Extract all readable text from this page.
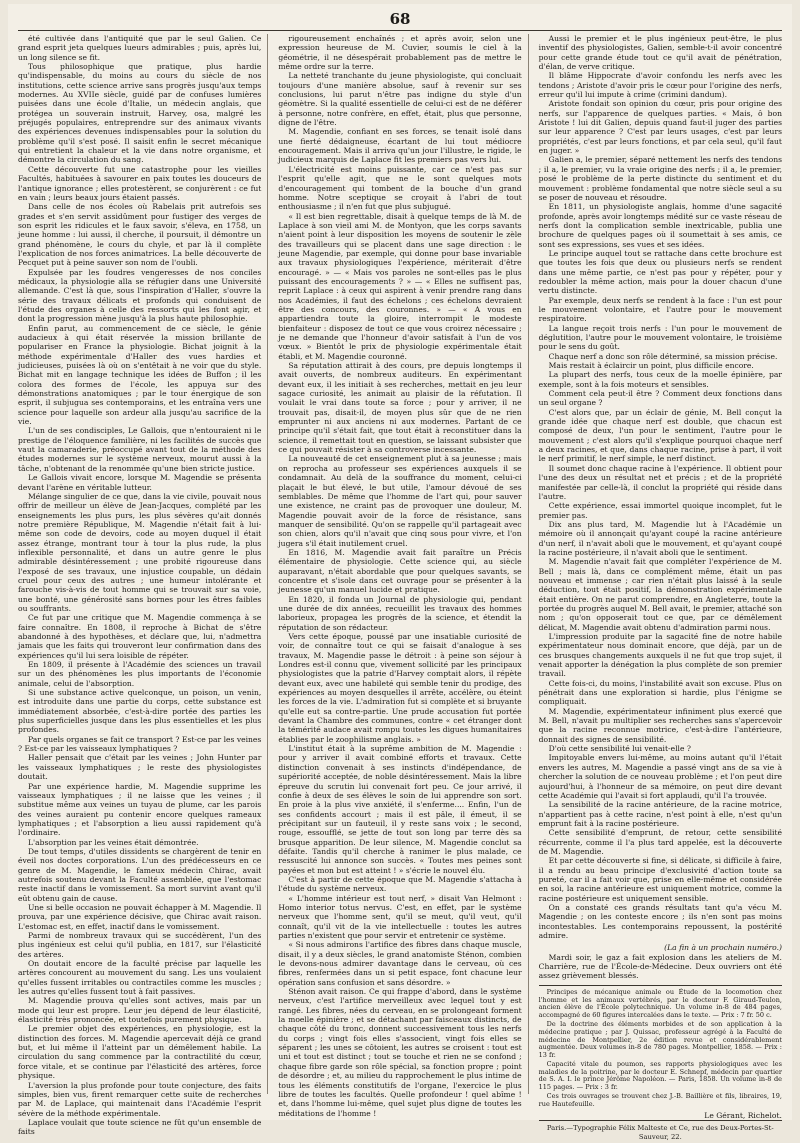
68

été cultivée dans l'antiquité que par le seul Galien. Ce grand esprit jeta quelques lueurs admirables ; puis, après lui, un long silence se fit.

Tous philosophique que pratique, plus hardie qu'indispensable, du moins au cours du siècle de nos institutions, cette science arrive sans progrès jusqu'aux temps modernes. Au XVIIe siècle, guidé par de confuses lumières puisées dans une école d'Italie, un médecin anglais, que protégea un souverain instruit, Harvey, osa, malgré les préjugés populaires, entreprendre sur des animaux vivants des expériences devenues indispensables pour la solution du problème qu'il s'est posé. Il saisit enfin le secret mécanique qui entretient la chaleur et la vie dans notre organisme, et démontre la circulation du sang.

Cette découverte fut une catastrophe pour les vieilles Facultés, habituées à savourer en paix toutes les douceurs de l'antique ignorance ; elles protestèrent, se conjurèrent : ce fut en vain ; leurs beaux jours étaient passés.

Dans celle de nos écoles où Rabelais prit autrefois ses grades et s'en servit assidûment pour fustiger des verges de son esprit les ridicules et le faux savoir, s'éleva, en 1758, un jeune homme : lui aussi, il cherche, il poursuit, il démontre un grand phénomène, le cours du chyle, et par là il complète l'explication de nos forces animatrices. La belle découverte de Pecquet put à peine sauver son nom de l'oubli.

Expulsée par les foudres vengeresses de nos conciles médicaux, la physiologie alla se réfugier dans une Université allemande. C'est là que, sous l'inspiration d'Haller, s'ouvre la série des travaux délicats et profonds qui conduisent de l'étude des organes à celle des ressorts qui les font agir, et dont la progression mène jusqu'à la plus haute philosophie.

Enfin parut, au commencement de ce siècle, le génie audacieux à qui était réservée la mission brillante de populariser en France la physiologie. Bichat joignit à la méthode expérimentale d'Haller des vues hardies et judicieuses, puisées là où on s'entêtait à ne voir que du style. Bichat mit en langage technique les idées de Buffon ; il les colora des formes de l'école, les appuya sur des démonstrations anatomiques ; par le tour énergique de son esprit, il subjugua ses contemporains, et les entraîna vers une science pour laquelle son ardeur alla jusqu'au sacrifice de la vie.

L'un de ses condisciples, Le Gallois, que n'entouraient ni le prestige de l'éloquence familière, ni les facilités de succès que vaut la camaraderie, préoccupé avant tout de la méthode des études modernes sur le système nerveux, mourut aussi à la tâche, n'obtenant de la renommée qu'une bien stricte justice.

Le Gallois vivait encore, lorsque M. Magendie se présenta devant l'arène en véritable lutteur.

Mélange singulier de ce que, dans la vie civile, pouvait nous offrir de meilleur un élève de Jean-Jacques, complété par les enseignements les plus purs, les plus sévères qu'ait donnés notre première République, M. Magendie n'était fait à lui-même son code de devoirs, code au moyen duquel il était assez étrange, montrant tour à tour la plus rude, la plus inflexible personnalité, et dans un autre genre le plus admirable désintéressement ; une probité rigoureuse dans l'exposé de ses travaux, une injustice coupable, un dédain cruel pour ceux des autres ; une humeur intolérante et farouche vis-à-vis de tout homme qui se trouvait sur sa voie, une bonté, une générosité sans bornes pour les êtres faibles ou souffrants.

Ce fut par une critique que M. Magendie commença à se faire connaître. En 1808, il reproche à Bichat de s'être abandonné à des hypothèses, et déclare que, lui, n'admettra jamais que les faits qui trouveront leur confirmation dans des expériences qu'il lui sera loisible de répéter.

En 1809, il présente à l'Académie des sciences un travail sur un des phénomènes les plus importants de l'économie animale, celui de l'absorption.

Si une substance active quelconque, un poison, un venin, est introduite dans une partie du corps, cette substance est immédiatement absorbée, c'est-à-dire portée des parties les plus superficielles jusque dans les plus essentielles et les plus profondes.

Par quels organes se fait ce transport ? Est-ce par les veines ? Est-ce par les vaisseaux lymphatiques ?

Haller pensait que c'était par les veines ; John Hunter par les vaisseaux lymphatiques ; le reste des physiologistes doutait.

Par une expérience hardie, M. Magendie supprime les vaisseaux lymphatiques ; il ne laisse que les veines ; il substitue même aux veines un tuyau de plume, car les parois des veines auraient pu contenir encore quelques rameaux lymphatiques ; et l'absorption a lieu aussi rapidement qu'à l'ordinaire.

L'absorption par les veines était démontrée.

De tout temps, d'utiles dissidents se chargèrent de tenir en éveil nos doctes corporations. L'un des prédécesseurs en ce genre de M. Magendie, le fameux médecin Chirac, avait autrefois soutenu devant la Faculté assemblée, que l'estomac reste inactif dans le vomissement. Sa mort survint avant qu'il eût obtenu gain de cause.

Une si belle occasion ne pouvait échapper à M. Magendie. Il prouva, par une expérience décisive, que Chirac avait raison. L'estomac est, en effet, inactif dans le vomissement.

Parmi de nombreux travaux qui se succédèrent, l'un des plus ingénieux est celui qu'il publia, en 1817, sur l'élasticité des artères.

On doutait encore de la faculté précise par laquelle les artères concourent au mouvement du sang. Les uns voulaient qu'elles fussent irritables ou contractiles comme les muscles ; les autres qu'elles fussent tout à fait passives.

M. Magendie prouva qu'elles sont actives, mais par un mode qui leur est propre. Leur jeu dépend de leur élasticité, élasticité très prononcée, et toutefois purement physique.

Le premier objet des expériences, en physiologie, est la distinction des forces. M. Magendie apercevait déjà ce grand but, et lui même il l'atteint par un démêlement habile. La circulation du sang commence par la contractilité du cœur, force vitale, et se continue par l'élasticité des artères, force physique.

L'aversion la plus profonde pour toute conjecture, des faits simples, bien vus, firent remarquer cette suite de recherches par M. de Laplace, qui maintenait dans l'Académie l'esprit sévère de la méthode expérimentale.

Laplace voulait que toute science ne fût qu'un ensemble de faits

rigoureusement enchaînés ; et après avoir, selon une expression heureuse de M. Cuvier, soumis le ciel à la géométrie, il ne désespérait probablement pas de mettre le même ordre sur la terre.

La netteté tranchante du jeune physiologiste, qui concluait toujours d'une manière absolue, sauf à revenir sur ses conclusions, lui parut n'être pas indigne du style d'un géomètre. Si la qualité essentielle de celui-ci est de ne déférer à personne, notre confrère, en effet, était, plus que personne, digne de l'être.

M. Magendie, confiant en ses forces, se tenait isolé dans une fierté dédaigneuse, écartant de lui tout médiocre encouragement. Mais il arriva qu'un jour l'illustre, le rigide, le judicieux marquis de Laplace fit les premiers pas vers lui.

L'électricité est moins puissante, car ce n'est pas sur l'esprit qu'elle agit, que ne le sont quelques mots d'encouragement qui tombent de la bouche d'un grand homme. Notre sceptique se croyait à l'abri de tout enthousiasme ; il n'en fut que plus subjugué.

« Il est bien regrettable, disait à quelque temps de là M. de Laplace à son vieil ami M. de Montyon, que les corps savants n'aient point à leur disposition les moyens de soutenir le zèle des travailleurs qui se placent dans une sage direction : le jeune Magendie, par exemple, qui donne pour base invariable aux travaux physiologiques l'expérience, mériterait d'être encouragé. » — « Mais vos paroles ne sont-elles pas le plus puissant des encouragements ? » — « Elles ne suffisent pas, reprit Laplace : à ceux qui aspirent à venir prendre rang dans nos Académies, il faut des échelons ; ces échelons devraient être des concours, des couronnes. » — « A vous en appartiendra toute la gloire, interrompit le modeste bienfaiteur : disposez de tout ce que vous croirez nécessaire ; je ne demande que l'honneur d'avoir satisfait à l'un de vos vœux. » Bientôt le prix de physiologie expérimentale était établi, et M. Magendie couronné.

Sa réputation attirait à des cours, pre depuis longtemps il avait ouverts, de nombreux auditeurs. En expérimentant devant eux, il les initiait à ses recherches, mettait en jeu leur sagace curiosité, les animait au plaisir de la réfutation. Il voulait le vrai dans toute sa force ; pour y arriver, il ne trouvait pas, disait-il, de moyen plus sûr que de ne rien emprunter ni aux anciens ni aux modernes. Partant de ce principe qu'il s'était fait, que tout était à reconstituer dans la science, il remettait tout en question, se laissant subsister que ce qui pouvait résister à sa controverse incessante.

La nouveauté de cet enseignement plut à sa jeunesse ; mais on reprocha au professeur ses expériences auxquels il se condamnait. Au delà de la souffrance du moment, celui-ci plaçait le but élevé, le but utile, l'amour dévoué de ses semblables. De même que l'homme de l'art qui, pour sauver une existence, ne craint pas de provoquer une douleur, M. Magendie pouvait avoir de la force de résistance, sans manquer de sensibilité. Qu'on se rappelle qu'il partageait avec son chien, alors qu'il n'avait que cinq sous pour vivre, et l'on jugera s'il était inutilement cruel.

En 1816, M. Magendie avait fait paraître un Précis élémentaire de physiologie. Cette science qui, au siècle auparavant, n'était abordable que pour quelques savants, se concentre et s'isole dans cet ouvrage pour se présenter à la jeunesse qu'un manuel lucide et pratique.

En 1820, il fonda un Journal de physiologie qui, pendant une durée de dix années, recueillit les travaux des hommes laborieux, propagea les progrès de la science, et étendit la réputation de son rédacteur.

Vers cette époque, poussé par une insatiable curiosité de voir, de connaître tout ce qui se faisait d'analogue à ses travaux, M. Magendie passe le détroit : à peine son séjour à Londres est-il connu que, vivement sollicité par les principaux physiologistes que la patrie d'Harvey comptait alors, il répète devant eux, avec une habileté qui semble tenir du prodige, des expériences au moyen desquelles il arrête, accélère, ou éteint les forces de la vie. L'admiration fut si complète et si bruyante qu'elle eut sa contre-partie. Une prude accusation fut portée devant la Chambre des communes, contre « cet étranger dont la témérité audace avait rompu toutes les digues humanitaires établies par le zoophilisme anglais. »

L'institut était à la suprême ambition de M. Magendie : pour y arriver il avait combiné efforts et travaux. Cette distinction convenait à ses instincts d'indépendance, de supériorité acceptée, de noble désintéressement. Mais la libre épreuve du scrutin lui convenait fort peu. Ce jour arrivé, il confie à deux de ses élèves le soin de lui apprendre son sort. En proie à la plus vive anxiété, il s'enferme.... Enfin, l'un de ses confidents accourt ; mais il est pâle, il émeut, il se précipitant sur un fauteuil, il y reste sans voix ; le second, rouge, essoufflé, se jette de tout son long par terre dès sa brusque apparition. De leur silence, M. Magendie conclut sa défaite. Tandis qu'il cherche à ranimer le plus malade, ce ressuscité lui annonce son succès. « Toutes mes peines sont payées et mon but est atteint ! » s'écrie le nouvel élu.

C'est à partir de cette époque que M. Magendie s'attacha à l'étude du système nerveux.

« L'homme intérieur est tout nerf, » disait Van Helmont : Homo interior totus nervus. C'est, en effet, par le système nerveux que l'homme sent, qu'il se meut, qu'il veut, qu'il connaît, qu'il vit de la vie intellectuelle : toutes les autres parties n'existent que pour servir et entretenir ce système.

« Si nous admirons l'artifice des fibres dans chaque muscle, disait, il y a deux siècles, le grand anatomiste Sténon, combien le devons-nous admirer davantage dans le cerveau, où ces fibres, renfermées dans un si petit espace, font chacune leur opération sans confusion et sans désordre. »

Sténon avait raison. Ce qui frappe d'abord, dans le système nerveux, c'est l'artifice merveilleux avec lequel tout y est rangé. Les fibres, nées du cerveau, en se prolongeant forment la moelle épinière ; et se détachant par faisceaux distincts, de chaque côté du tronc, donnent successivement tous les nerfs du corps ; vingt fois elles s'associent, vingt fois elles se séparent ; les unes se côtoient, les autres se croisent : tout est uni et tout est distinct ; tout se touche et rien ne se confond ; chaque fibre garde son rôle spécial, sa fonction propre ; point de désordre ; et, au milieu du rapprochement le plus intime de tous les éléments constitutifs de l'organe, l'exercice le plus libre de toutes les facultés. Quelle profondeur ! quel abîme ! et, dans l'homme lui-même, quel sujet plus digne de toutes les méditations de l'homme !

Aussi le premier et le plus ingénieux peut-être, le plus inventif des physiologistes, Galien, semble-t-il avoir concentré pour cette grande étude tout ce qu'il avait de pénétration, d'élan, de verve critique.

Il blâme Hippocrate d'avoir confondu les nerfs avec les tendons ; Aristote d'avoir pris le cœur pour l'origine des nerfs, erreur qu'il lui impute à crime (crimini dandum).

Aristote fondait son opinion du cœur, pris pour origine des nerfs, sur l'apparence de quelques parties. « Mais, ô bon Aristote ! lui dit Galien, depuis quand faut-il juger des parties sur leur apparence ? C'est par leurs usages, c'est par leurs propriétés, c'est par leurs fonctions, et par cela seul, qu'il faut en juger. »

Galien a, le premier, séparé nettement les nerfs des tendons ; il a, le premier, vu la vraie origine des nerfs ; il a, le premier, posé le problème de la perte distincte du sentiment et du mouvement : problème fondamental que notre siècle seul a su se poser de nouveau et résoudre.

En 1811, un physiologiste anglais, homme d'une sagacité profonde, après avoir longtemps médité sur ce vaste réseau de nerfs dont la complication semble inextricable, publia une brochure de quelques pages où il soumettait à ses amis, ce sont ses expressions, ses vues et ses idées.

Le principe auquel tout se rattache dans cette brochure est que toutes les fois que deux ou plusieurs nerfs se rendent dans une même partie, ce n'est pas pour y répéter, pour y redoubler la même action, mais pour la douer chacun d'une vertu distincte.

Par exemple, deux nerfs se rendent à la face : l'un est pour le mouvement volontaire, et l'autre pour le mouvement respiratoire.

La langue reçoit trois nerfs : l'un pour le mouvement de déglutition, l'autre pour le mouvement volontaire, le troisième pour le sens du goût.

Chaque nerf a donc son rôle déterminé, sa mission précise.

Mais restait à éclaircir un point, plus difficile encore.

La plupart des nerfs, tous ceux de la moelle épinière, par exemple, sont à la fois moteurs et sensibles.

Comment cela peut-il être ? Comment deux fonctions dans un seul organe ?

C'est alors que, par un éclair de génie, M. Bell conçut la grande idée que chaque nerf est double, que chacun est composé de deux, l'un pour le sentiment, l'autre pour le mouvement ; c'est alors qu'il s'explique pourquoi chaque nerf a deux racines, et que, dans chaque racine, prise à part, il voit le nerf primitif, le nerf simple, le nerf distinct.

Il soumet donc chaque racine à l'expérience. Il obtient pour l'une des deux un résultat net et précis ; et de la propriété manifestée par celle-là, il conclut la propriété qui réside dans l'autre.

Cette expérience, essai immortel quoique incomplet, fut le premier pas.

Dix ans plus tard, M. Magendie lut à l'Académie un mémoire où il annonçait qu'ayant coupé la racine antérieure d'un nerf, il n'avait aboli que le mouvement, et qu'ayant coupé la racine postérieure, il n'avait aboli que le sentiment.

M. Magendie n'avait fait que compléter l'expérience de M. Bell ; mais là, dans ce complément même, était un pas nouveau et immense ; car rien n'était plus laissé à la seule déduction, tout était positif, la démonstration expérimentale était entière. On ne parut comprendre, en Angleterre, toute la portée du progrès auquel M. Bell avait, le premier, attaché son nom ; qu'on opposerait tout ce que, par ce démêlement délicat, M. Magendie avait obtenu d'admiration parmi nous.

L'impression produite par la sagacité fine de notre habile expérimentateur nous dominait encore, que déjà, par un de ces brusques changements auxquels il ne fut que trop sujet, il venait apporter la dénégation la plus complète de son premier travail.

Cette fois-ci, du moins, l'instabilité avait son excuse. Plus on pénétrait dans une exploration si hardie, plus l'énigme se compliquait.

M. Magendie, expérimentateur infiniment plus exercé que M. Bell, n'avait pu multiplier ses recherches sans s'apercevoir que la racine reconnue motrice, c'est-à-dire l'antérieure, donnait des signes de sensibilité.

D'où cette sensibilité lui venait-elle ?

Impitoyable envers lui-même, au moins autant qu'il l'était envers les autres, M. Magendie a passé vingt ans de sa vie à chercher la solution de ce nouveau problème ; et l'on peut dire aujourd'hui, à l'honneur de sa mémoire, on peut dire devant cette Académie qui l'avait si fort applaudi, qu'il l'a trouvée.

La sensibilité de la racine antérieure, de la racine motrice, n'appartient pas à cette racine, n'est point à elle, n'est qu'un emprunt fait à la racine postérieure.

Cette sensibilité d'emprunt, de retour, cette sensibilité récurrente, comme il l'a plus tard appelée, est la découverte de M. Magendie.

Et par cette découverte si fine, si délicate, si difficile à faire, il a rendu au beau principe d'exclusivité d'action toute sa pureté, car il a fait voir que, prise en elle-même et considérée en soi, la racine antérieure est uniquement motrice, comme la racine postérieure est uniquement sensible.

On a constaté ces grands résultats tant qu'a vécu M. Magendie ; on les conteste encore ; ils n'en sont pas moins incontestables. Les contemporains repoussent, la postérité admire.

(La fin à un prochain numéro.)

Mardi soir, le gaz a fait explosion dans les ateliers de M. Charrière, rue de l'École-de-Médecine. Deux ouvriers ont été assez grièvement blessés.

Principes de mécanique animale ou Étude de la locomotion chez l'homme et les animaux vertébrés, par le docteur F. Giraud-Teulon, ancien élève de l'École polytechnique. Un volume in-8 de 484 pages, accompagné de 60 figures intercalées dans le texte. — Prix : 7 fr. 50 c.

De la doctrine des éléments morbides et de son application à la médecine pratique ; par J. Quissac, professeur agrégé à la Faculté de médecine de Montpellier, 2e édition revue et considérablement augmentée. Deux volumes in-8 de 780 pages. Montpellier, 1858. — Prix : 13 fr.

Capacité vitale du poumon, ses rapports physiologiques avec les maladies de la poitrine, par le docteur E. Schnepf, médecin par quartier de S. A. I. le prince Jérôme Napoléon. — Paris, 1858. Un volume in-8 de 115 pages. — Prix : 3 fr.

Ces trois ouvrages se trouvent chez J.-B. Baillière et fils, libraires, 19, rue Hautefeuille.

Le Gérant, Richelot.

Paris.—Typographie Félix Malteste et Ce, rue des Deux-Portes-St-Sauveur, 22.
